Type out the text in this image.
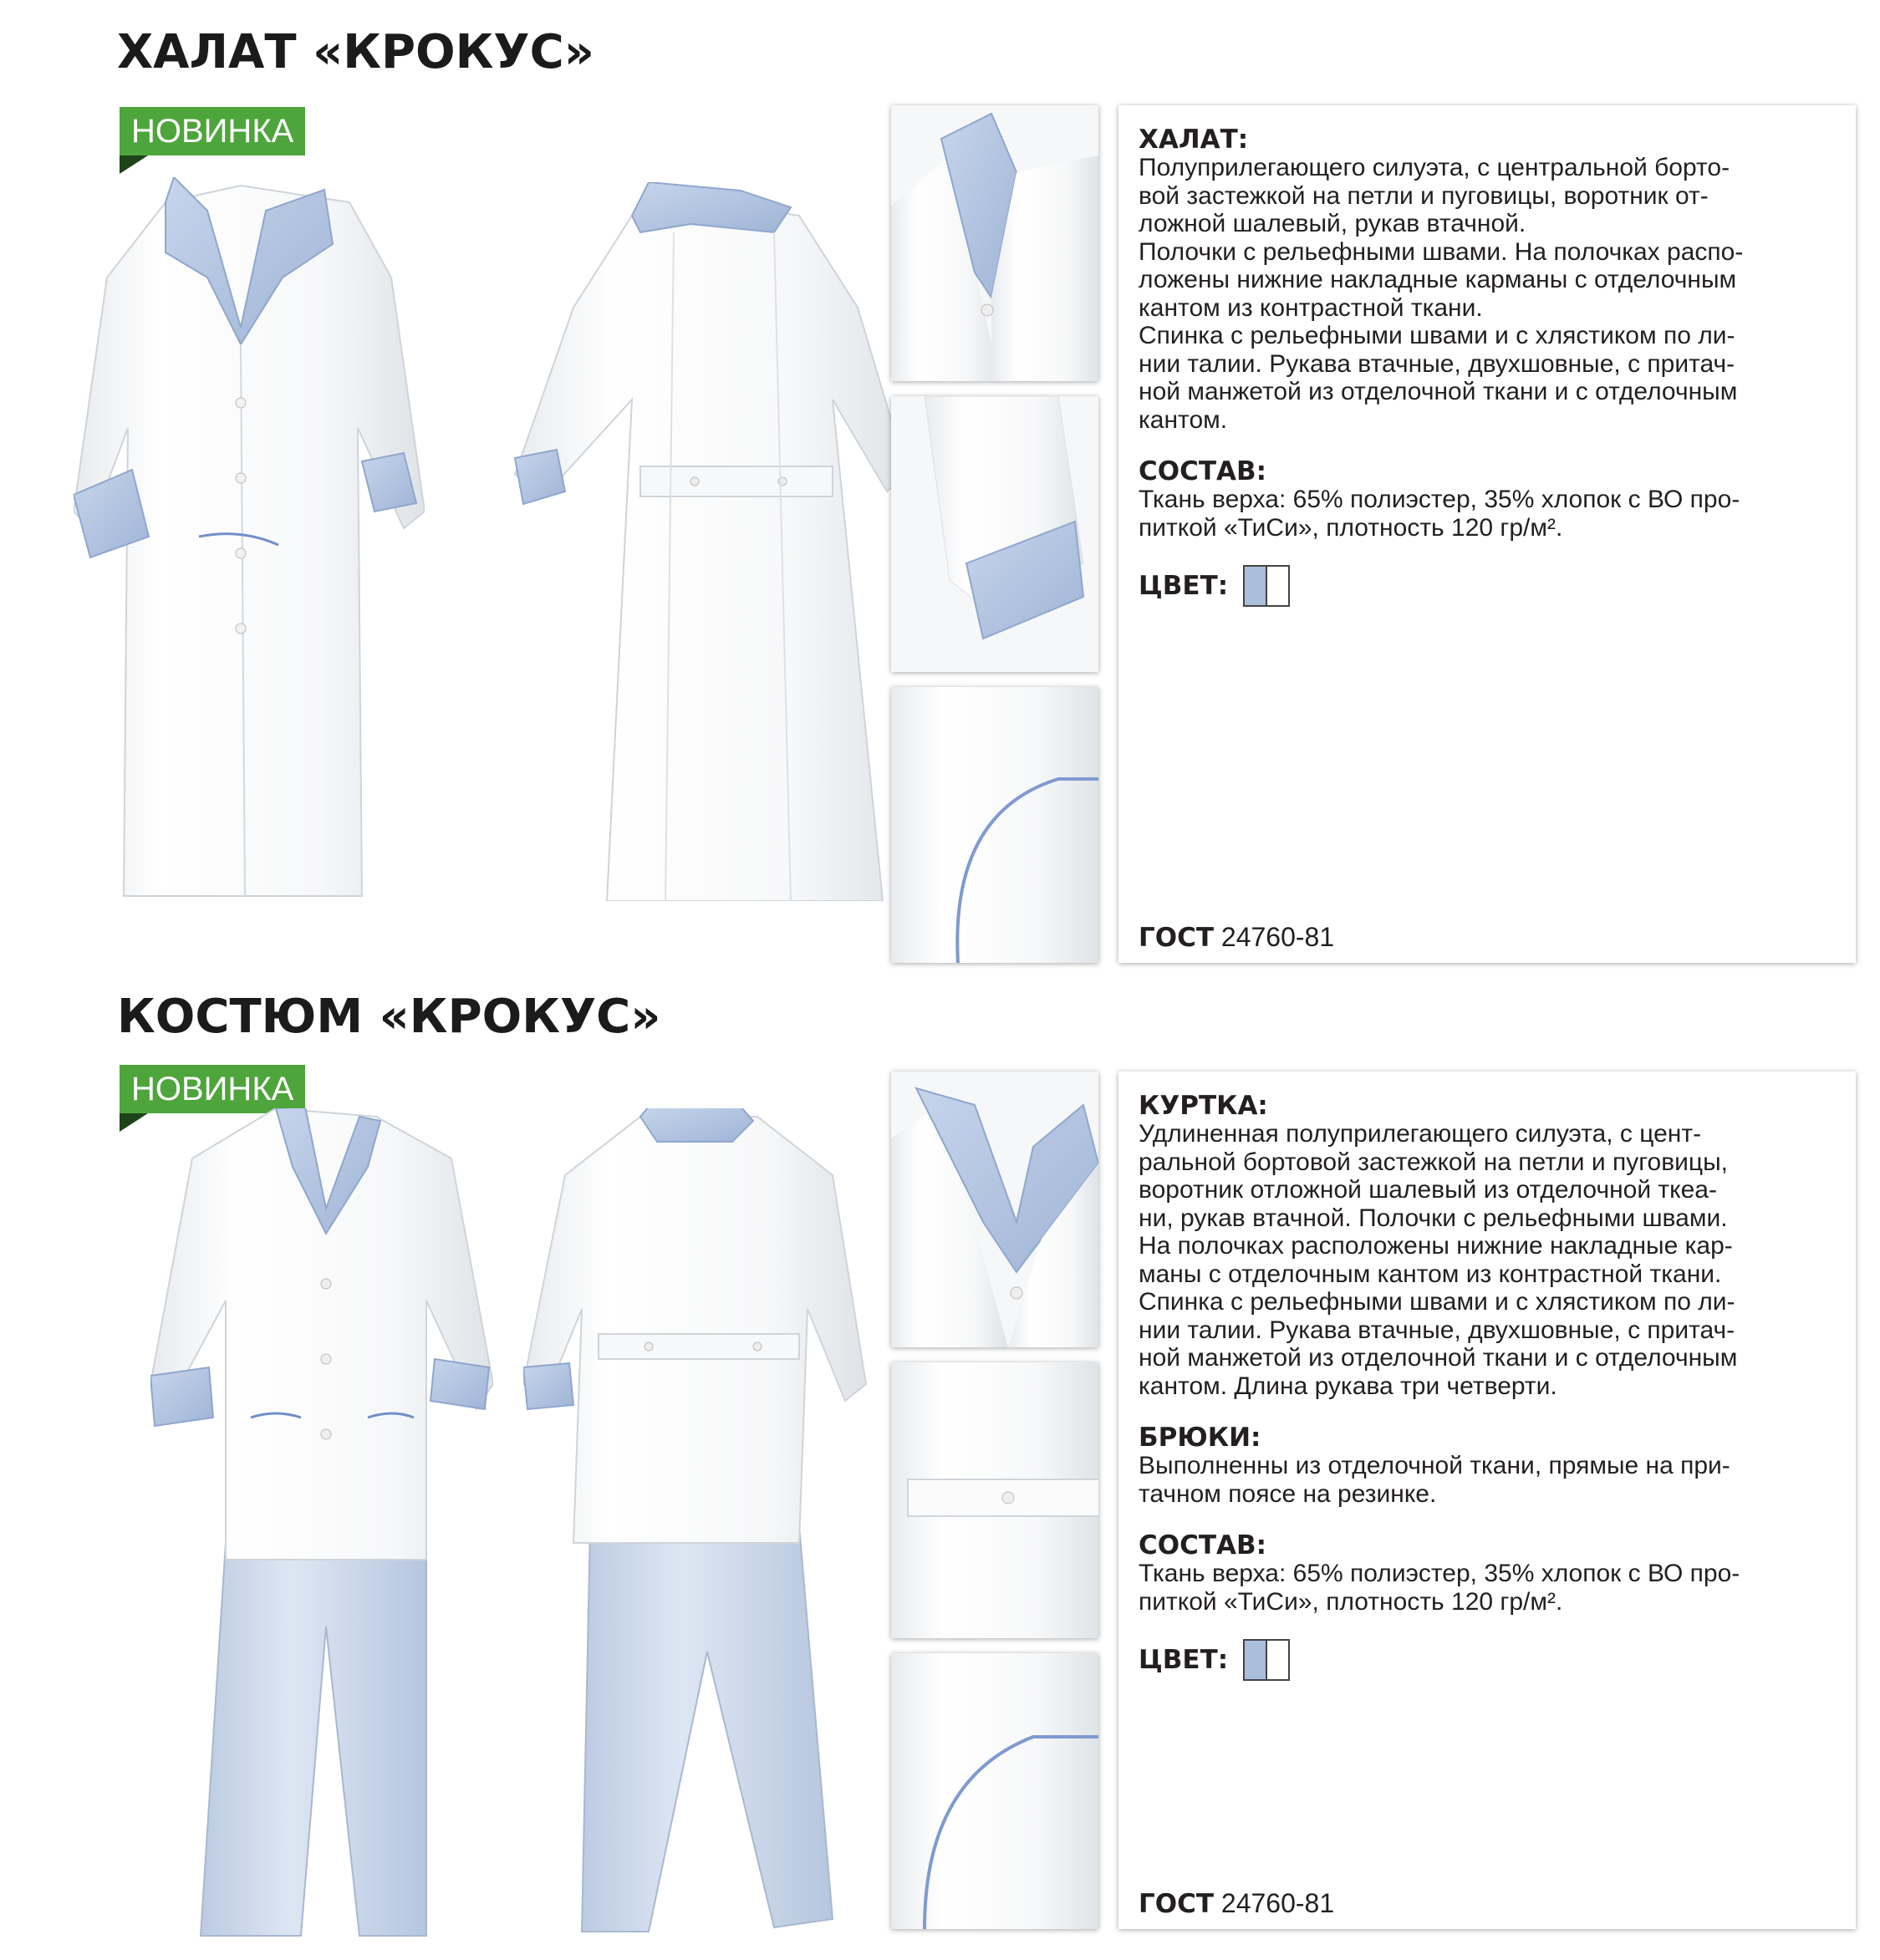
ХАЛАТ «КРОКУС»
НОВИНКА	ХАЛАТ:

Полуприлегающего силуэта, с центральной борто-

вой застежкой на петли и пуговицы, воротник от-

ложной шалевый, рукав втачной.

Полочки с рельефными швами. На полочках распо-

ложены нижние накладные карманы с отделочным

кантом из контрастной ткани.

Спинка с рельефными швами и с хлястиком по ли-

нии талии. Рукава втачные, двухшовные, с притач-

ной манжетой из отделочной ткани и с отделочным

кантом.

СОСТАВ:

Ткань верха: 65% полиэстер, 35% хлопок с ВО про-

питкой «ТиСи», плотность 120 гр/м².

ЦВЕТ:
ГОСТ 24760-81
КОСТЮМ «КРОКУС»
НОВИНКА	КУРТКА:

Удлиненная полуприлегающего силуэта, с цент-

ральной бортовой застежкой на петли и пуговицы,

воротник отложной шалевый из отделочной ткеа-

ни, рукав втачной. Полочки с рельефными швами.

На полочках расположены нижние накладные кар-

маны с отделочным кантом из контрастной ткани.

Спинка с рельефными швами и с хлястиком по ли-

нии талии. Рукава втачные, двухшовные, с притач-

ной манжетой из отделочной ткани и с отделочным

кантом. Длина рукава три четверти.

БРЮКИ:

Выполненны из отделочной ткани, прямые на при-

тачном поясе на резинке.

СОСТАВ:

Ткань верха: 65% полиэстер, 35% хлопок с ВО про-

питкой «ТиСи», плотность 120 гр/м².

ЦВЕТ:
ГОСТ 24760-81
